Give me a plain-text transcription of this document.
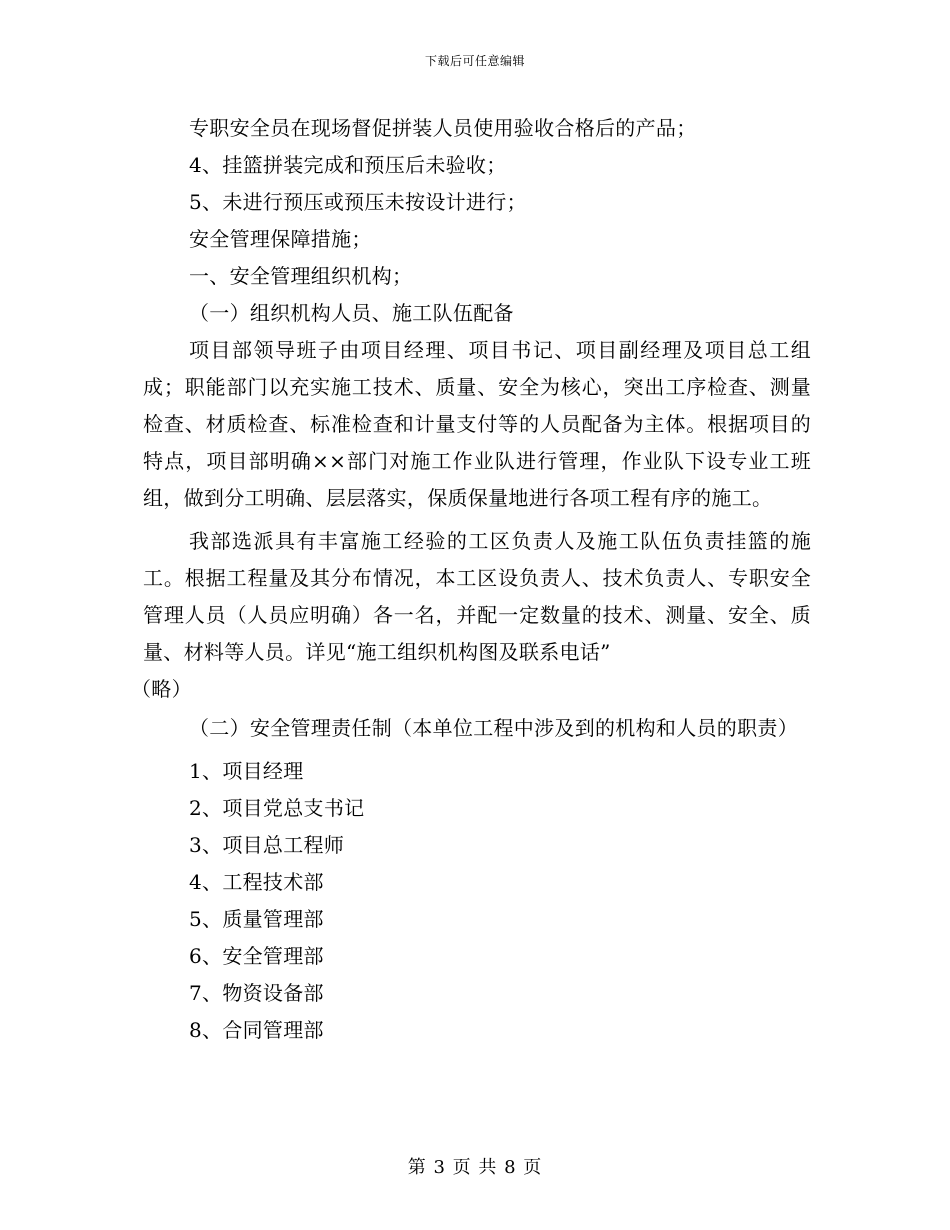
下载后可任意编辑
专职安全员在现场督促拼装人员使用验收合格后的产品；
4、挂篮拼装完成和预压后未验收；
5、未进行预压或预压未按设计进行；
安全管理保障措施；
一、安全管理组织机构；
（一）组织机构人员、施工队伍配备

项目部领导班子由项目经理、项目书记、项目副经理及项目总工组成；职能部门以充实施工技术、质量、安全为核心，突出工序检查、测量检查、材质检查、标准检查和计量支付等的人员配备为主体。根据项目的特点，项目部明确××部门对施工作业队进行管理，作业队下设专业工班组，做到分工明确、层层落实，保质保量地进行各项工程有序的施工。

我部选派具有丰富施工经验的工区负责人及施工队伍负责挂篮的施工。根据工程量及其分布情况，本工区设负责人、技术负责人、专职安全管理人员（人员应明确）各一名，并配一定数量的技术、测量、安全、质量、材料等人员。详见“施工组织机构图及联系电话”

（略）

（二）安全管理责任制（本单位工程中涉及到的机构和人员的职责）

1、项目经理
2、项目党总支书记
3、项目总工程师
4、工程技术部
5、质量管理部
6、安全管理部
7、物资设备部
8、合同管理部
第 3 页 共 8 页
